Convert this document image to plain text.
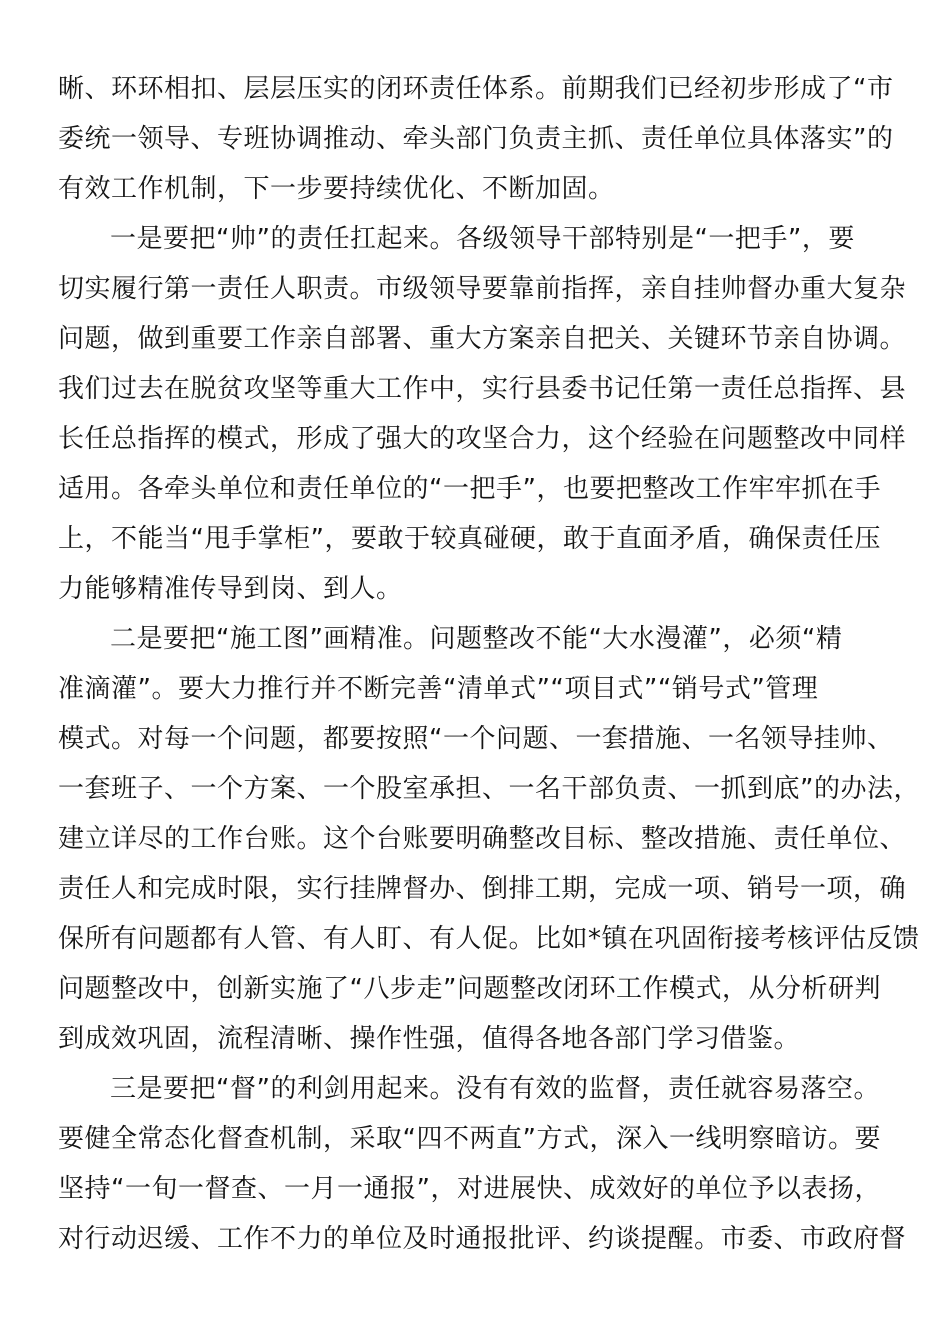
晰、环环相扣、层层压实的闭环责任体系。前期我们已经初步形成了“市
委统一领导、专班协调推动、牵头部门负责主抓、责任单位具体落实”的
有效工作机制，下一步要持续优化、不断加固。
一是要把“帅”的责任扛起来。各级领导干部特别是“一把手”，要
切实履行第一责任人职责。市级领导要靠前指挥，亲自挂帅督办重大复杂
问题，做到重要工作亲自部署、重大方案亲自把关、关键环节亲自协调。
我们过去在脱贫攻坚等重大工作中，实行县委书记任第一责任总指挥、县
长任总指挥的模式，形成了强大的攻坚合力，这个经验在问题整改中同样
适用。各牵头单位和责任单位的“一把手”，也要把整改工作牢牢抓在手
上，不能当“甩手掌柜”，要敢于较真碰硬，敢于直面矛盾，确保责任压
力能够精准传导到岗、到人。
二是要把“施工图”画精准。问题整改不能“大水漫灌”，必须“精
准滴灌”。要大力推行并不断完善“清单式”“项目式”“销号式”管理
模式。对每一个问题，都要按照“一个问题、一套措施、一名领导挂帅、
一套班子、一个方案、一个股室承担、一名干部负责、一抓到底”的办法，
建立详尽的工作台账。这个台账要明确整改目标、整改措施、责任单位、
责任人和完成时限，实行挂牌督办、倒排工期，完成一项、销号一项，确
保所有问题都有人管、有人盯、有人促。比如*镇在巩固衔接考核评估反馈
问题整改中，创新实施了“八步走”问题整改闭环工作模式，从分析研判
到成效巩固，流程清晰、操作性强，值得各地各部门学习借鉴。
三是要把“督”的利剑用起来。没有有效的监督，责任就容易落空。
要健全常态化督查机制，采取“四不两直”方式，深入一线明察暗访。要
坚持“一旬一督查、一月一通报”，对进展快、成效好的单位予以表扬，
对行动迟缓、工作不力的单位及时通报批评、约谈提醒。市委、市政府督
